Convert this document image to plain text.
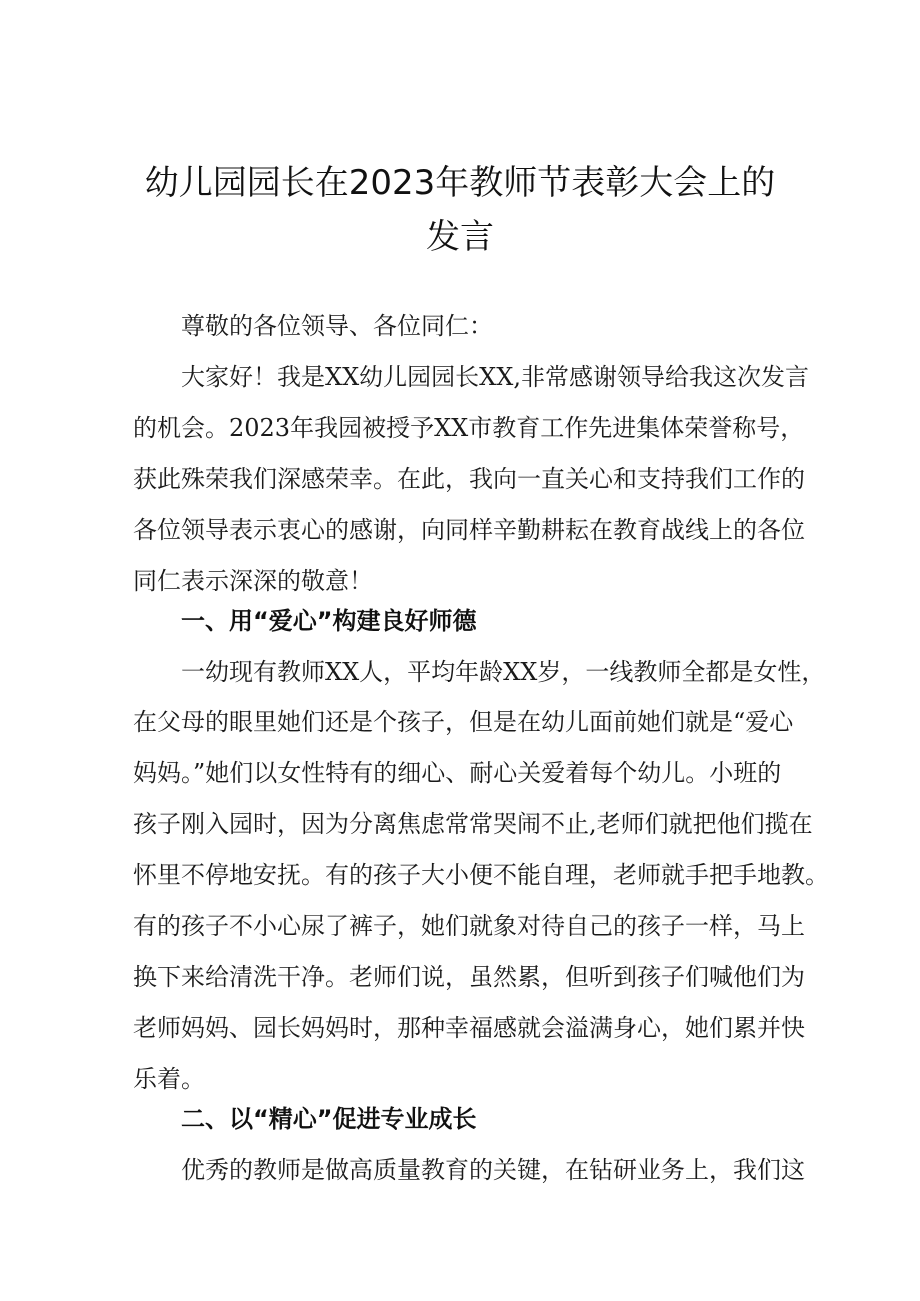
幼儿园园长在2023年教师节表彰大会上的
发言
尊敬的各位领导、各位同仁：
大家好！我是XX幼儿园园长XX,非常感谢领导给我这次发言
的机会。2023年我园被授予XX市教育工作先进集体荣誉称号，
获此殊荣我们深感荣幸。在此，我向一直关心和支持我们工作的
各位领导表示衷心的感谢，向同样辛勤耕耘在教育战线上的各位
同仁表示深深的敬意！
一、用“爱心”构建良好师德
一幼现有教师XX人，平均年龄XX岁，一线教师全都是女性，
在父母的眼里她们还是个孩子，但是在幼儿面前她们就是“爱心
妈妈。”她们以女性特有的细心、耐心关爱着每个幼儿。小班的
孩子刚入园时，因为分离焦虑常常哭闹不止,老师们就把他们揽在
怀里不停地安抚。有的孩子大小便不能自理，老师就手把手地教。
有的孩子不小心尿了裤子，她们就象对待自己的孩子一样，马上
换下来给清洗干净。老师们说，虽然累，但听到孩子们喊他们为
老师妈妈、园长妈妈时，那种幸福感就会溢满身心，她们累并快
乐着。
二、以“精心”促进专业成长
优秀的教师是做高质量教育的关键，在钻研业务上，我们这
